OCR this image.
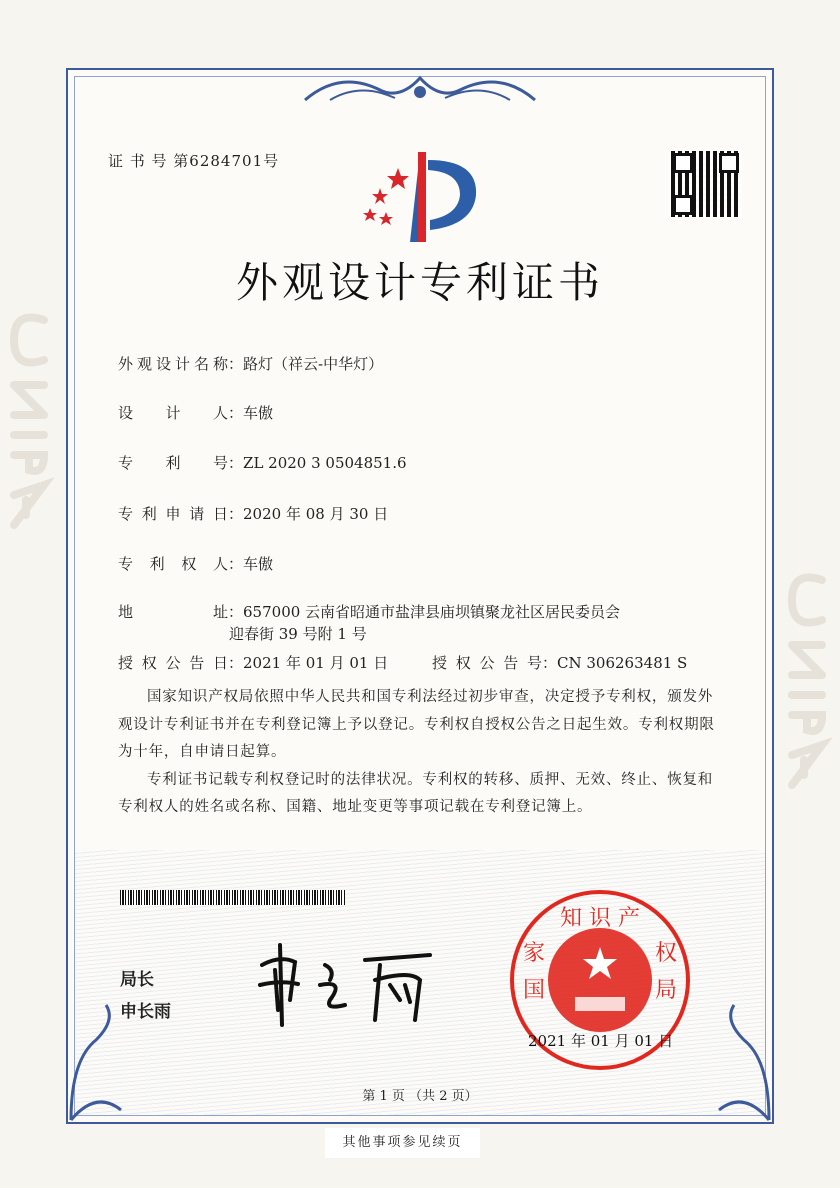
证 书 号 第6284701号
外观设计专利证书
外观设计名称：路灯（祥云-中华灯）
设计人：车傲
专利号：ZL 2020 3 0504851.6
专利申请日：2020 年 08 月 30 日
专利权人：车傲
地址：657000 云南省昭通市盐津县庙坝镇聚龙社区居民委员会
迎春街 39 号附 1 号
授权公告日：2021 年 01 月 01 日	授权公告号：CN 306263481 S

国家知识产权局依照中华人民共和国专利法经过初步审查，决定授予专利权，颁发外观设计专利证书并在专利登记簿上予以登记。专利权自授权公告之日起生效。专利权期限为十年，自申请日起算。

专利证书记载专利权登记时的法律状况。专利权的转移、质押、无效、终止、恢复和专利权人的姓名或名称、国籍、地址变更等事项记载在专利登记簿上。

局长
申长雨
知 识 产
家
国
权
局
2021 年 01 月 01 日
第 1 页 （共 2 页）
其他事项参见续页
